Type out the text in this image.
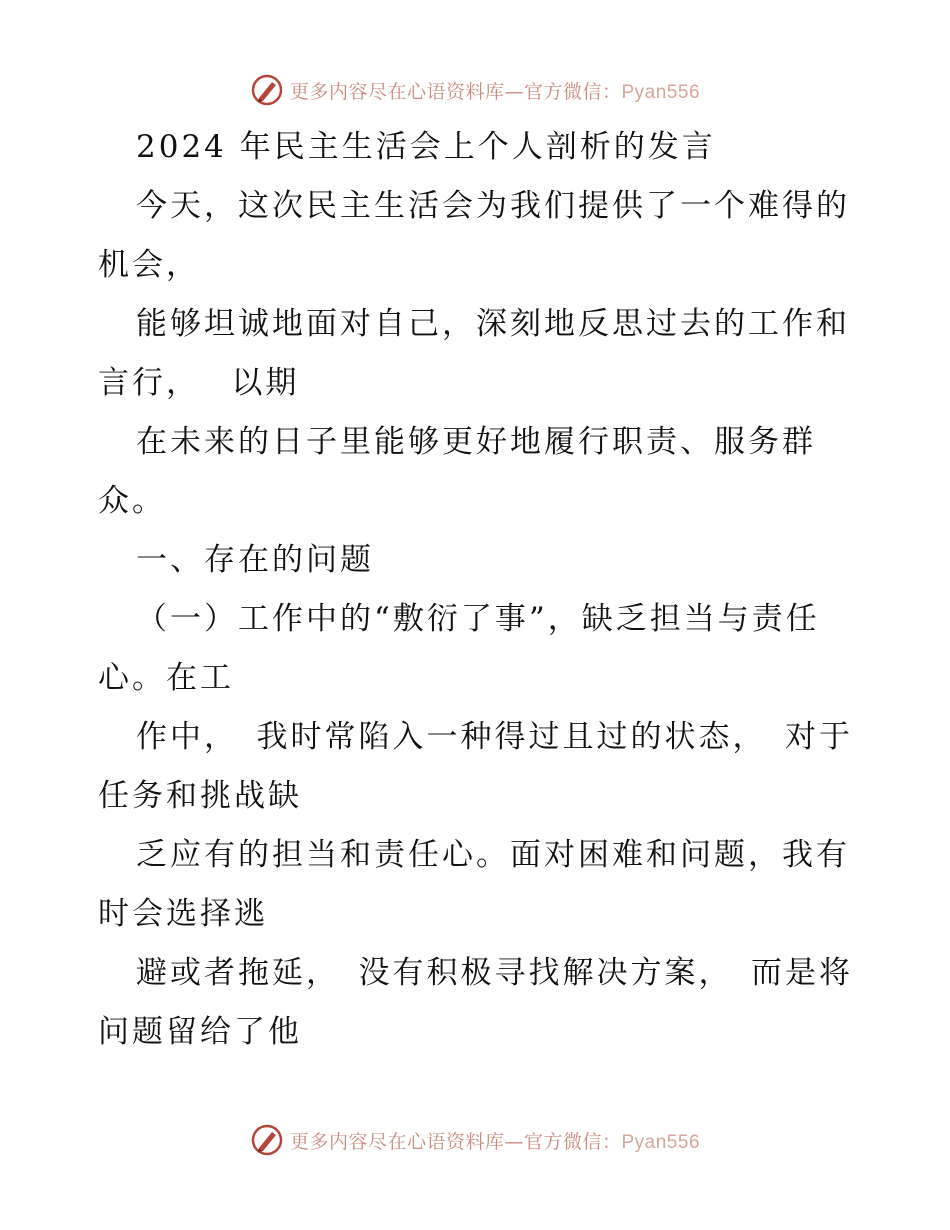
更多内容尽在心语资料库—官方微信：Pyan556
2024 年民主生活会上个人剖析的发言
今天，这次民主生活会为我们提供了一个难得的
机会，
能够坦诚地面对自己，深刻地反思过去的工作和
言行，　 以期
在未来的日子里能够更好地履行职责、服务群
众。
一、存在的问题
（一）工作中的“敷衍了事”，缺乏担当与责任
心。在工
作中，　我时常陷入一种得过且过的状态，　对于
任务和挑战缺
乏应有的担当和责任心。面对困难和问题，我有
时会选择逃
避或者拖延，　没有积极寻找解决方案，　而是将
问题留给了他
更多内容尽在心语资料库—官方微信：Pyan556
